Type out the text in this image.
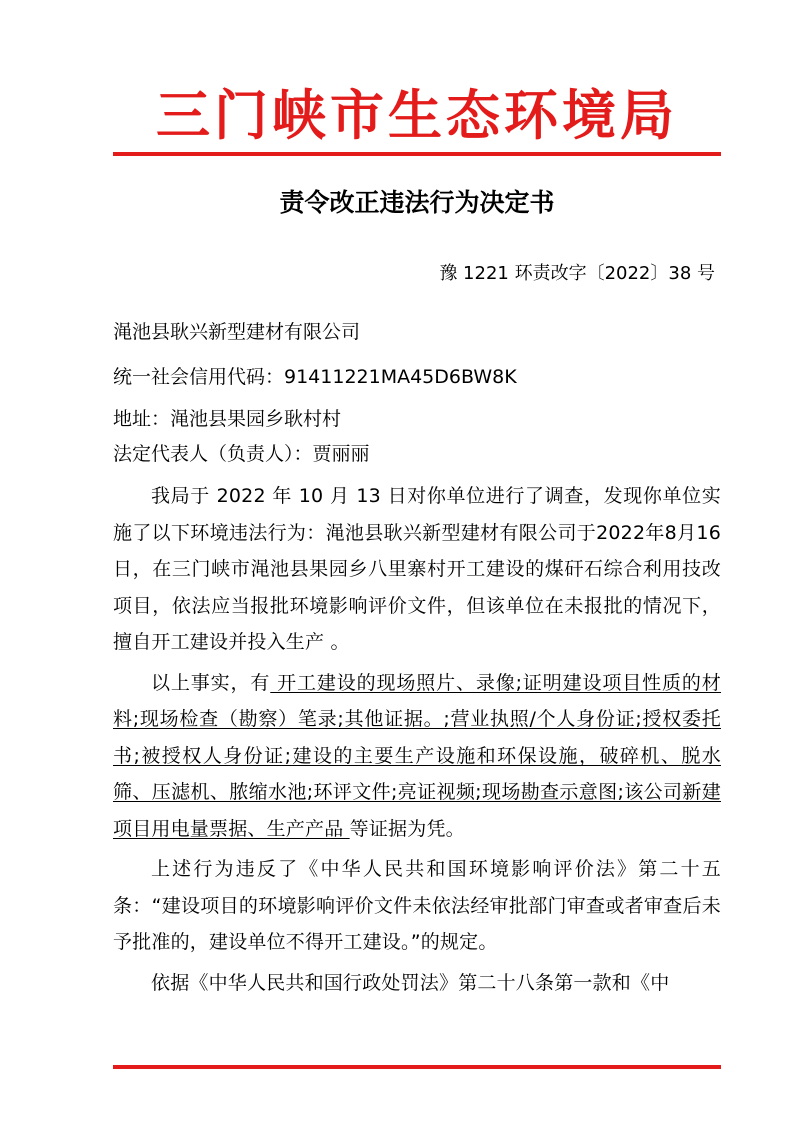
三门峡市生态环境局
责令改正违法行为决定书
豫 1221 环责改字〔2022〕38 号
渑池县耿兴新型建材有限公司
统一社会信用代码：91411221MA45D6BW8K
地址：渑池县果园乡耿村村
法定代表人（负责人）：贾丽丽

我局于 2022 年 10 月 13 日对你单位进行了调查，发现你单位实施了以下环境违法行为：渑池县耿兴新型建材有限公司于2022年8月16日，在三门峡市渑池县果园乡八里寨村开工建设的煤矸石综合利用技改项目，依法应当报批环境影响评价文件，但该单位在未报批的情况下，擅自开工建设并投入生产 。

以上事实，有 开工建设的现场照片、录像;证明建设项目性质的材料;现场检查（勘察）笔录;其他证据。;营业执照/个人身份证;授权委托书;被授权人身份证;建设的主要生产设施和环保设施，破碎机、脱水筛、压滤机、脓缩水池;环评文件;亮证视频;现场勘查示意图;该公司新建项目用电量票据、生产产品 等证据为凭。

上述行为违反了《中华人民共和国环境影响评价法》第二十五条：“建设项目的环境影响评价文件未依法经审批部门审查或者审查后未予批准的，建设单位不得开工建设。”的规定。

依据《中华人民共和国行政处罚法》第二十八条第一款和《中
